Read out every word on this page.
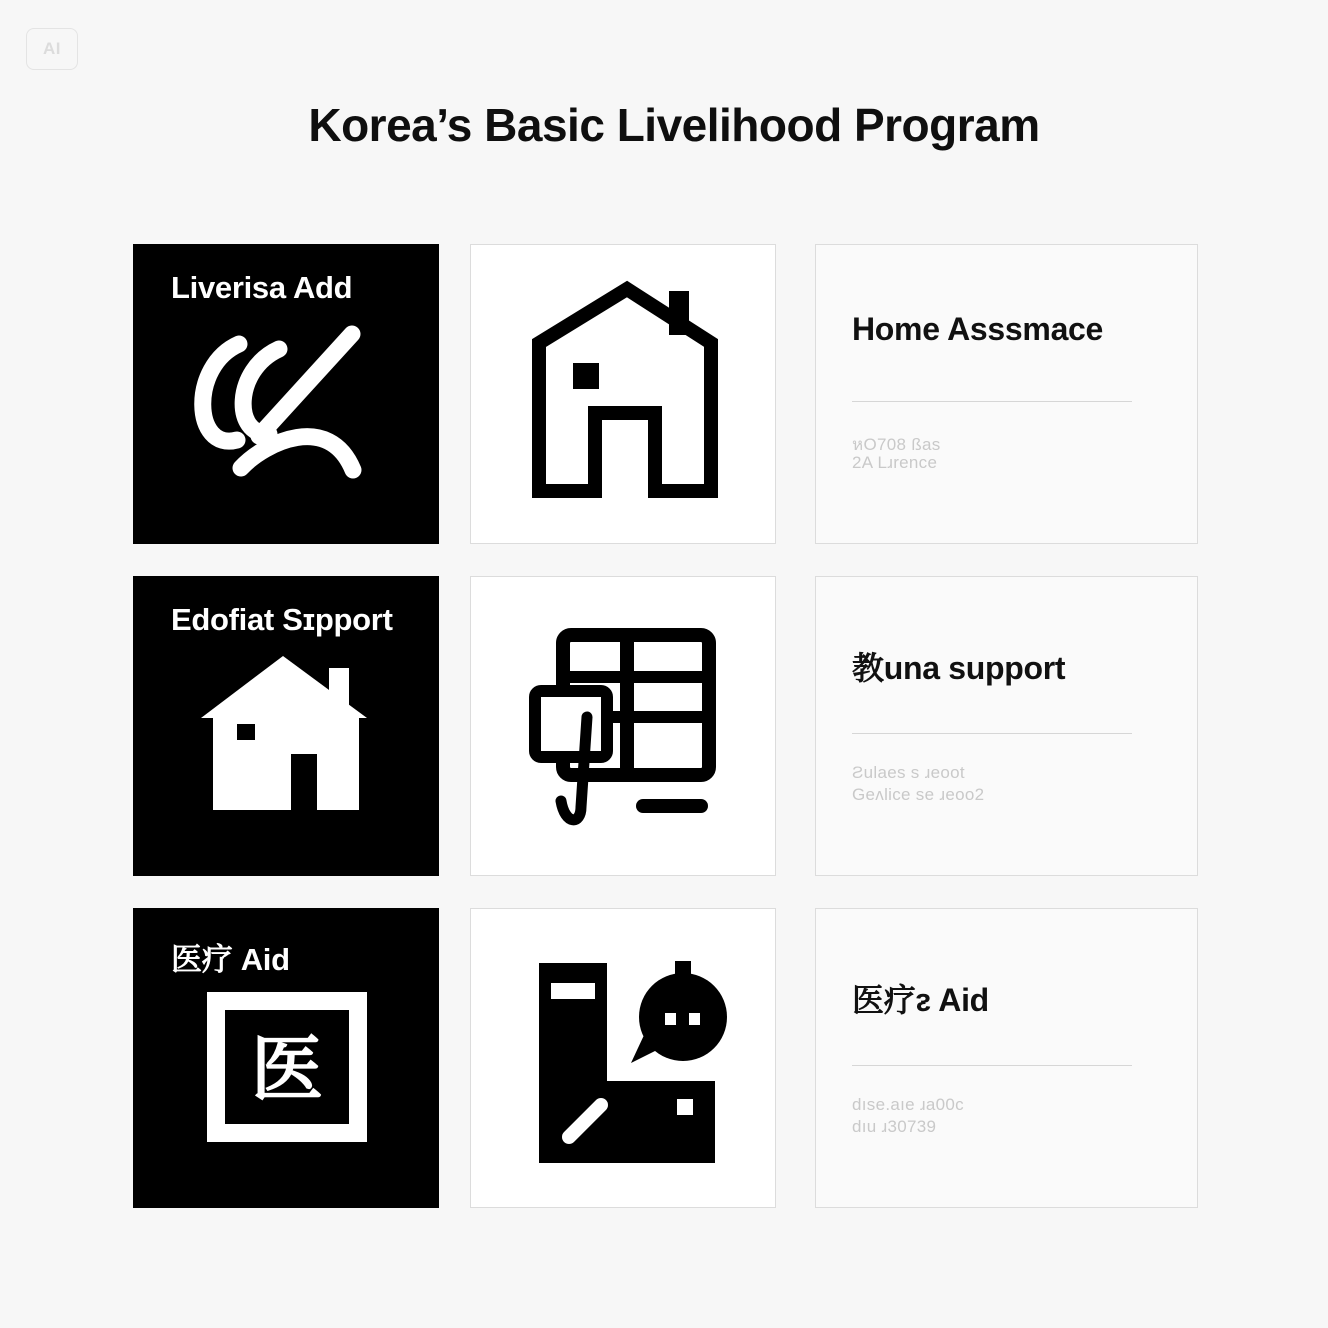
AI
Korea’s Basic Livelihood Program
Liverisa Add
Home Asssmace
หO708 ßas
2A Lɹrence
Edofiat Sɪpport
教una support
Ƨulaes s ɹeoot
Geʌlice se ɹeoo2
医疗 Aid
医
医疗ᴤ Aid
dıse.aıe ɹa00c
dıu ɹ30739
